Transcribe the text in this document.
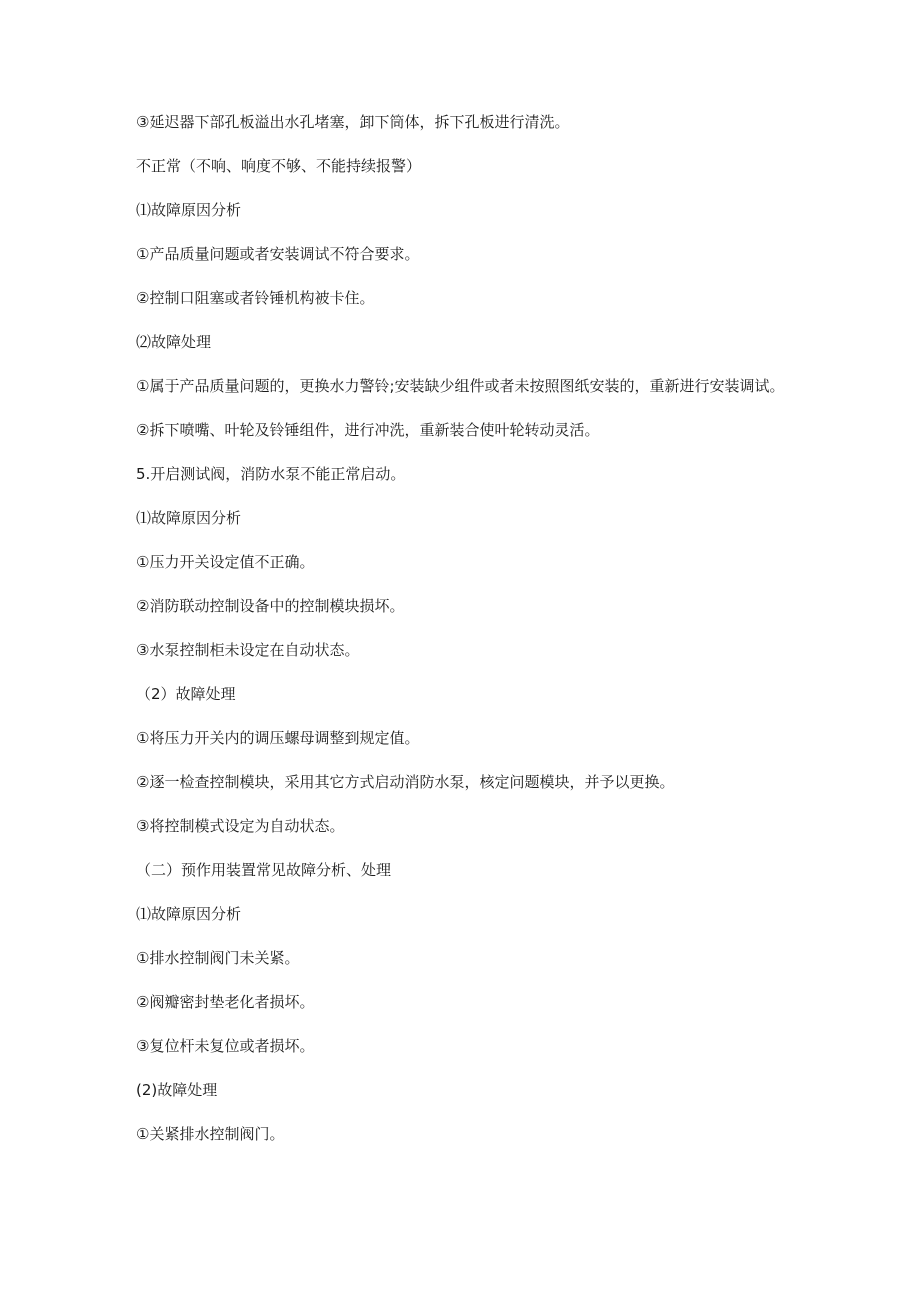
③延迟器下部孔板溢出水孔堵塞，卸下筒体，拆下孔板进行清洗。

不正常（不响、响度不够、不能持续报警）

⑴故障原因分析

①产品质量问题或者安装调试不符合要求。

②控制口阻塞或者铃锤机构被卡住。

⑵故障处理

①属于产品质量问题的，更换水力警铃;安装缺少组件或者未按照图纸安装的，重新进行安装调试。

②拆下喷嘴、叶轮及铃锤组件，进行冲洗，重新装合使叶轮转动灵活。

5.开启测试阀，消防水泵不能正常启动。

⑴故障原因分析

①压力开关设定值不正确。

②消防联动控制设备中的控制模块损坏。

③水泵控制柜未设定在自动状态。

（2）故障处理

①将压力开关内的调压螺母调整到规定值。

②逐一检查控制模块，采用其它方式启动消防水泵，核定问题模块，并予以更换。

③将控制模式设定为自动状态。

（二）预作用装置常见故障分析、处理

⑴故障原因分析

①排水控制阀门未关紧。

②阀瓣密封垫老化者损坏。

③复位杆未复位或者损坏。

(2)故障处理

①关紧排水控制阀门。
